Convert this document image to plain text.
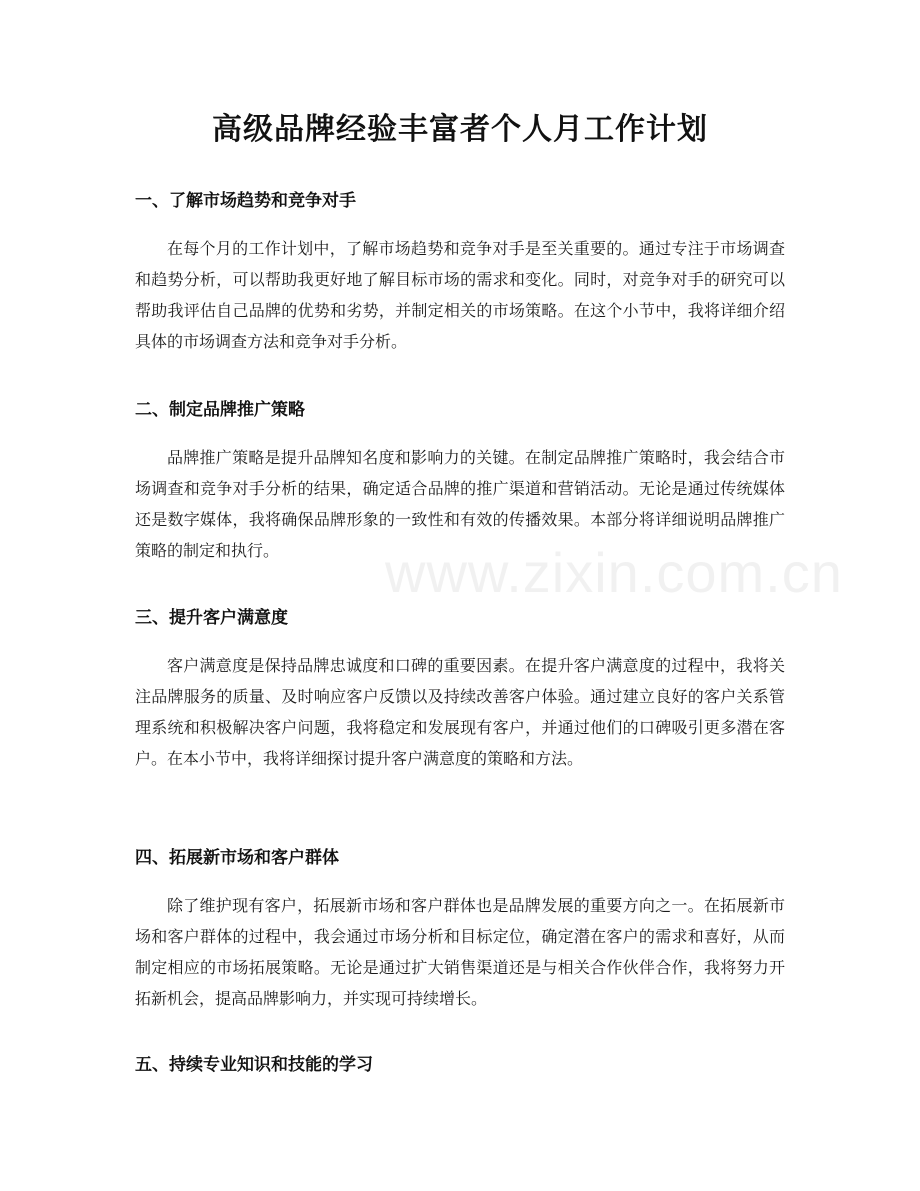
高级品牌经验丰富者个人月工作计划
www.zixin.com.cn
一、了解市场趋势和竞争对手

在每个月的工作计划中，了解市场趋势和竞争对手是至关重要的。通过专注于市场调查和趋势分析，可以帮助我更好地了解目标市场的需求和变化。同时，对竞争对手的研究可以帮助我评估自己品牌的优势和劣势，并制定相关的市场策略。在这个小节中，我将详细介绍具体的市场调查方法和竞争对手分析。

二、制定品牌推广策略

品牌推广策略是提升品牌知名度和影响力的关键。在制定品牌推广策略时，我会结合市场调查和竞争对手分析的结果，确定适合品牌的推广渠道和营销活动。无论是通过传统媒体还是数字媒体，我将确保品牌形象的一致性和有效的传播效果。本部分将详细说明品牌推广策略的制定和执行。

三、提升客户满意度

客户满意度是保持品牌忠诚度和口碑的重要因素。在提升客户满意度的过程中，我将关注品牌服务的质量、及时响应客户反馈以及持续改善客户体验。通过建立良好的客户关系管理系统和积极解决客户问题，我将稳定和发展现有客户，并通过他们的口碑吸引更多潜在客户。在本小节中，我将详细探讨提升客户满意度的策略和方法。

四、拓展新市场和客户群体

除了维护现有客户，拓展新市场和客户群体也是品牌发展的重要方向之一。在拓展新市场和客户群体的过程中，我会通过市场分析和目标定位，确定潜在客户的需求和喜好，从而制定相应的市场拓展策略。无论是通过扩大销售渠道还是与相关合作伙伴合作，我将努力开拓新机会，提高品牌影响力，并实现可持续增长。

五、持续专业知识和技能的学习
